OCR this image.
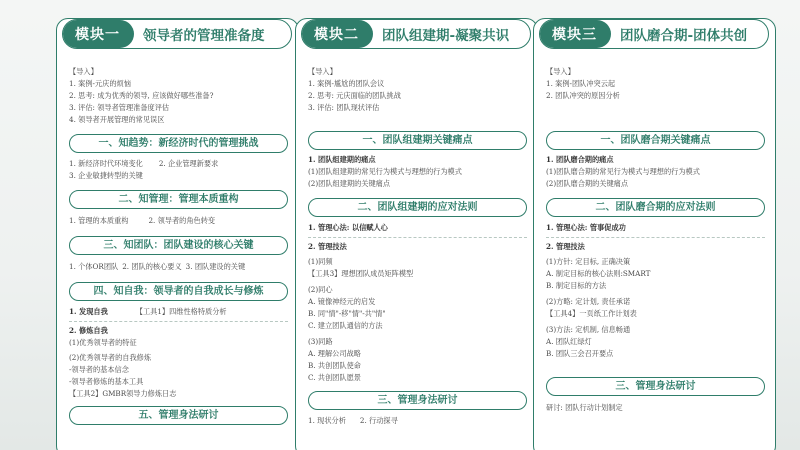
模块一	领导者的管理准备度
【导入】
1. 案例-元庆的烦恼
2. 思考: 成为优秀的领导, 应该做好哪些准备?
3. 评估: 领导者管理准备度评估
4. 领导者开展管理的常见误区
一、知趋势：新经济时代的管理挑战
1. 新经济时代环境变化 2. 企业管理新要求
3. 企业敏捷转型的关键
二、知管理：管理本质重构
1. 管理的本质重构	2. 领导者的角色转变
三、知团队：团队建设的核心关键
1. 个体OR团队 2. 团队的核心要义 3. 团队建设的关键
四、知自我：领导者的自我成长与修炼
1. 发现自我	【工具1】四维性格特质分析
2. 修炼自我
(1)优秀领导者的特征
(2)优秀领导者的自我修炼
-领导者的基本信念
-领导者修炼的基本工具
【工具2】GMBR领导力修炼日志
五、管理身法研讨
模块二	团队组建期-凝聚共识
【导入】
1. 案例-尴尬的团队会议
2. 思考: 元庆面临的团队挑战
3. 评估: 团队现状评估
一、团队组建期关键痛点
1. 团队组建期的痛点
(1)团队组建期的常见行为模式与理想的行为模式
(2)团队组建期的关键痛点
二、团队组建期的应对法则
1. 管理心法: 以信赋人心
2. 管理技法
(1)同频
【工具3】理想团队成员矩阵模型
(2)同心
A. 镜像神经元的启发
B. 同"情"-移"情"-共"情"
C. 建立团队通信的方法
(3)同路
A. 理解公司战略
B. 共创团队使命
C. 共创团队愿景
三、管理身法研讨
1. 现状分析 2. 行动探寻
模块三	团队磨合期-团体共创
【导入】
1. 案例-团队冲突云起
2. 团队冲突的原因分析
一、团队磨合期关键痛点
1. 团队磨合期的痛点
(1)团队磨合期的常见行为模式与理想的行为模式
(2)团队磨合期的关键痛点
二、团队磨合期的应对法则
1. 管理心法: 管事促成功
2. 管理技法
(1)方针: 定目标, 正确决策
A. 制定目标的核心法则:SMART
B. 制定目标的方法
(2)方略: 定计划, 责任承诺
【工具4】一页纸工作计划表
(3)方法: 定机制, 信息畅通
A. 团队红绿灯
B. 团队三会召开要点
三、管理身法研讨
研讨: 团队行动计划制定
